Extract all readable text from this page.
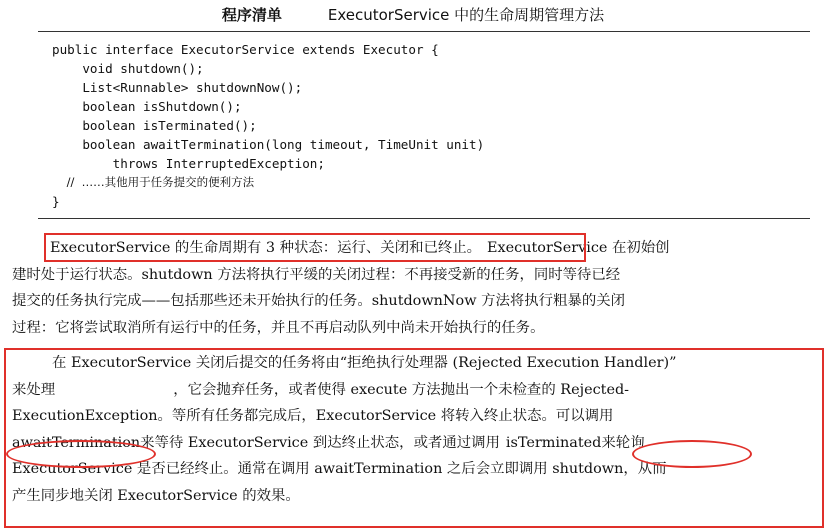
程序清单	ExecutorService 中的生命周期管理方法
public interface ExecutorService extends Executor {
void shutdown();
List<Runnable> shutdownNow();
boolean isShutdown();
boolean isTerminated();
boolean awaitTermination(long timeout, TimeUnit unit)
throws InterruptedException;
//  ……其他用于任务提交的便利方法
}
ExecutorService 的生命周期有 3 种状态：运行、关闭和已终止。 ExecutorService 在初始创
建时处于运行状态。shutdown 方法将执行平缓的关闭过程：不再接受新的任务，同时等待已经
提交的任务执行完成——包括那些还未开始执行的任务。shutdownNow 方法将执行粗暴的关闭
过程：它将尝试取消所有运行中的任务，并且不再启动队列中尚未开始执行的任务。
在 ExecutorService 关闭后提交的任务将由“拒绝执行处理器 (Rejected Execution Handler)”
来处理	，它会抛弃任务，或者使得 execute 方法抛出一个未检查的 Rejected-
ExecutionException。等所有任务都完成后，ExecutorService 将转入终止状态。可以调用
awaitTermination来等待 ExecutorService 到达终止状态，或者通过调用 isTerminated来轮询
ExecutorService 是否已经终止。通常在调用 awaitTermination 之后会立即调用 shutdown，从而
产生同步地关闭 ExecutorService 的效果。
